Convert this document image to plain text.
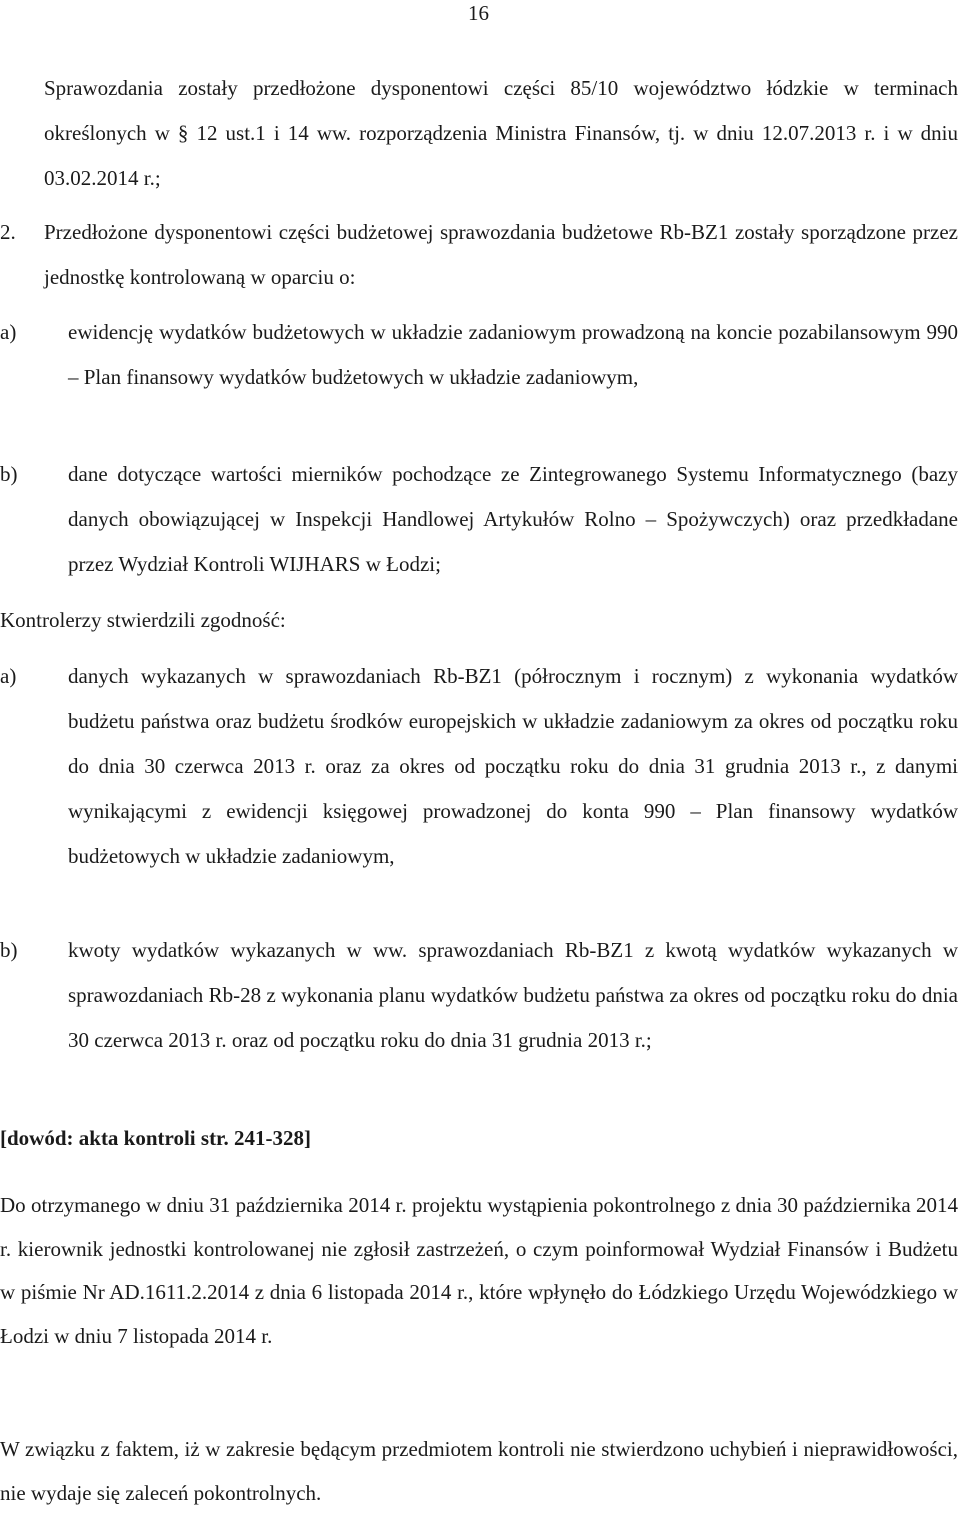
16
Sprawozdania zostały przedłożone dysponentowi części 85/10 województwo łódzkie w terminach określonych w § 12 ust.1 i 14 ww. rozporządzenia Ministra Finansów, tj. w dniu 12.07.2013 r. i w dniu 03.02.2014 r.;
2. Przedłożone dysponentowi części budżetowej sprawozdania budżetowe Rb-BZ1 zostały sporządzone przez jednostkę kontrolowaną w oparciu o:
a) ewidencję wydatków budżetowych w układzie zadaniowym prowadzoną na koncie pozabilansowym 990 – Plan finansowy wydatków budżetowych w układzie zadaniowym,
b) dane dotyczące wartości mierników pochodzące ze Zintegrowanego Systemu Informatycznego (bazy danych obowiązującej w Inspekcji Handlowej Artykułów Rolno – Spożywczych) oraz przedkładane przez Wydział Kontroli WIJHARS w Łodzi;
Kontrolerzy stwierdzili zgodność:
a) danych wykazanych w sprawozdaniach Rb-BZ1 (półrocznym i rocznym) z wykonania wydatków budżetu państwa oraz budżetu środków europejskich w układzie zadaniowym za okres od początku roku do dnia 30 czerwca 2013 r. oraz za okres od początku roku do dnia 31 grudnia 2013 r., z danymi wynikającymi z ewidencji księgowej prowadzonej do konta 990 – Plan finansowy wydatków budżetowych w układzie zadaniowym,
b) kwoty wydatków wykazanych w ww. sprawozdaniach Rb-BZ1 z kwotą wydatków wykazanych w sprawozdaniach Rb-28 z wykonania planu wydatków budżetu państwa za okres od początku roku do dnia 30 czerwca 2013 r. oraz od początku roku do dnia 31 grudnia 2013 r.;
[dowód: akta kontroli str. 241-328]
Do otrzymanego w dniu 31 października 2014 r. projektu wystąpienia pokontrolnego z dnia 30 października 2014 r. kierownik jednostki kontrolowanej nie zgłosił zastrzeżeń, o czym poinformował Wydział Finansów i Budżetu w piśmie Nr AD.1611.2.2014 z dnia 6 listopada 2014 r., które wpłynęło do Łódzkiego Urzędu Wojewódzkiego w Łodzi w dniu 7 listopada 2014 r.
W związku z faktem, iż w zakresie będącym przedmiotem kontroli nie stwierdzono uchybień i nieprawidłowości, nie wydaje się zaleceń pokontrolnych.
